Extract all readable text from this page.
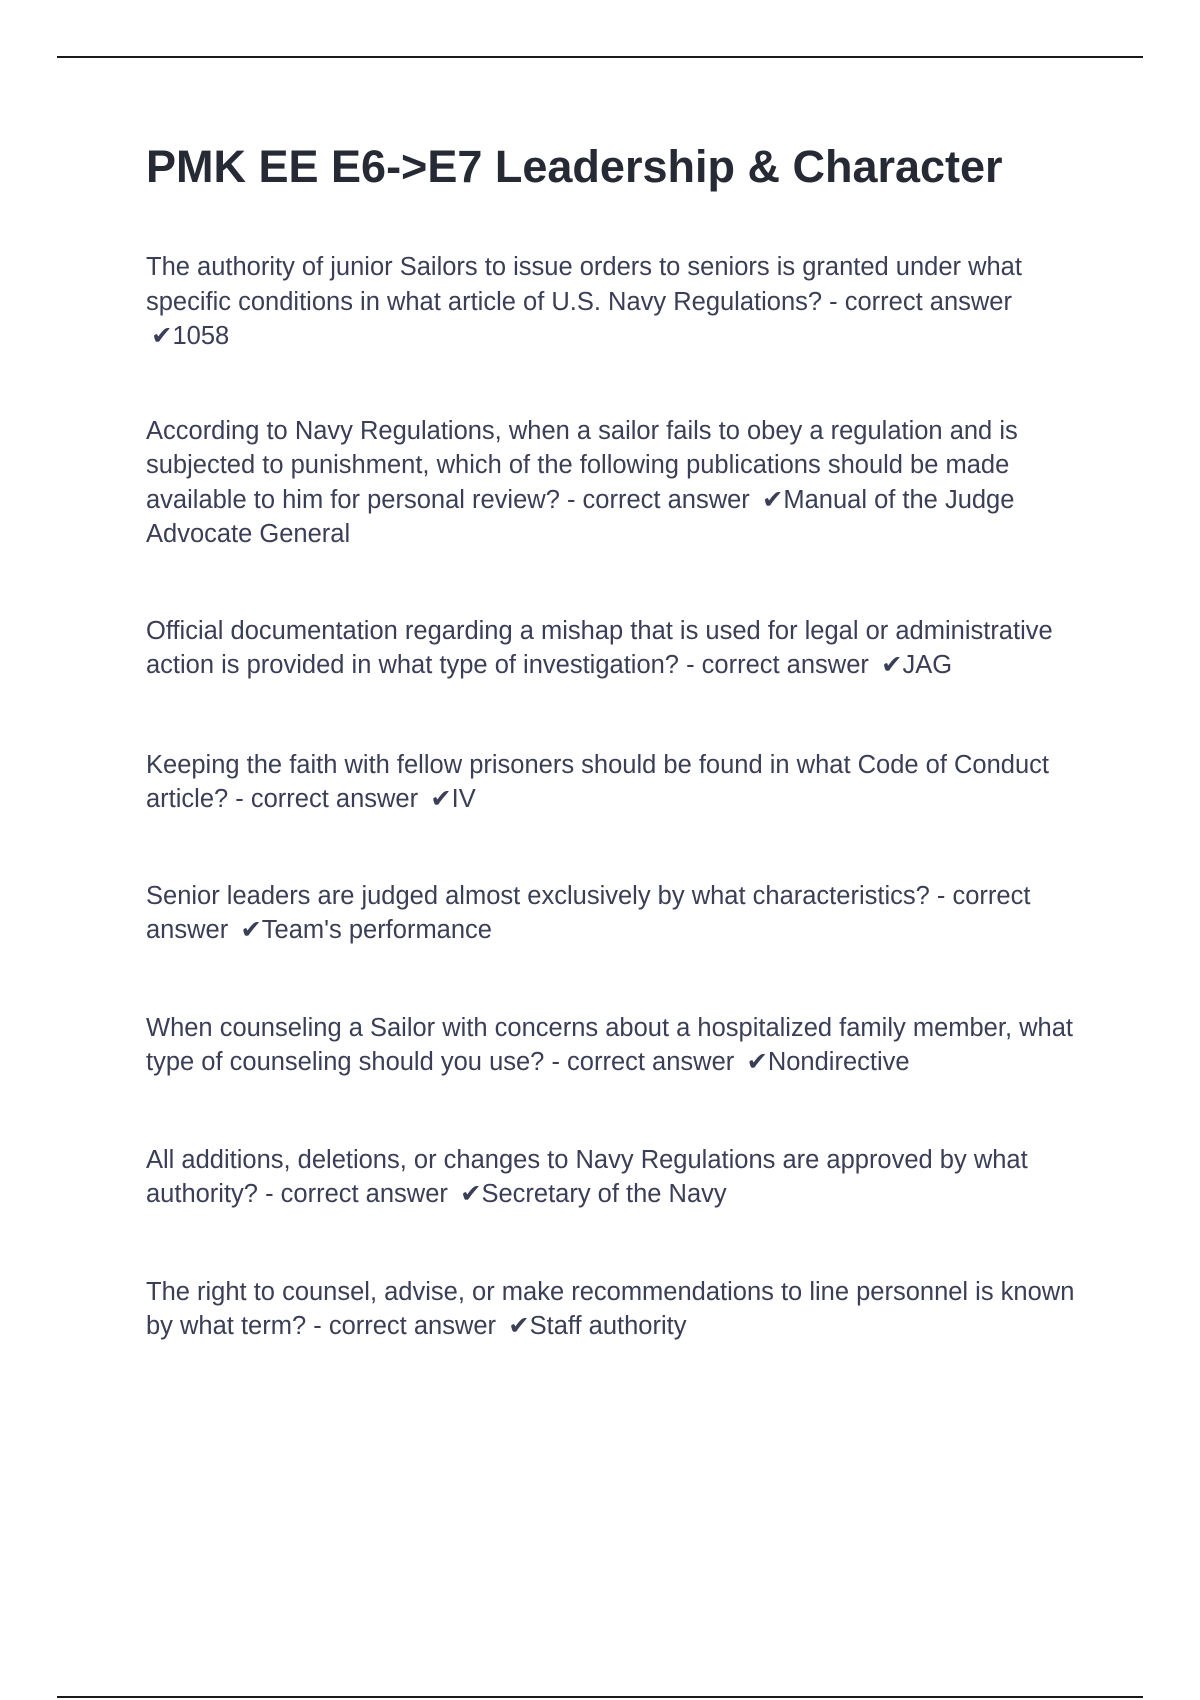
PMK EE E6->E7 Leadership & Character
The authority of junior Sailors to issue orders to seniors is granted under what specific conditions in what article of U.S. Navy Regulations? - correct answer ✔1058
According to Navy Regulations, when a sailor fails to obey a regulation and is subjected to punishment, which of the following publications should be made available to him for personal review? - correct answer ✔Manual of the Judge Advocate General
Official documentation regarding a mishap that is used for legal or administrative action is provided in what type of investigation? - correct answer ✔JAG
Keeping the faith with fellow prisoners should be found in what Code of Conduct article? - correct answer ✔IV
Senior leaders are judged almost exclusively by what characteristics? - correct answer ✔Team's performance
When counseling a Sailor with concerns about a hospitalized family member, what type of counseling should you use? - correct answer ✔Nondirective
All additions, deletions, or changes to Navy Regulations are approved by what authority? - correct answer ✔Secretary of the Navy
The right to counsel, advise, or make recommendations to line personnel is known by what term? - correct answer ✔Staff authority
